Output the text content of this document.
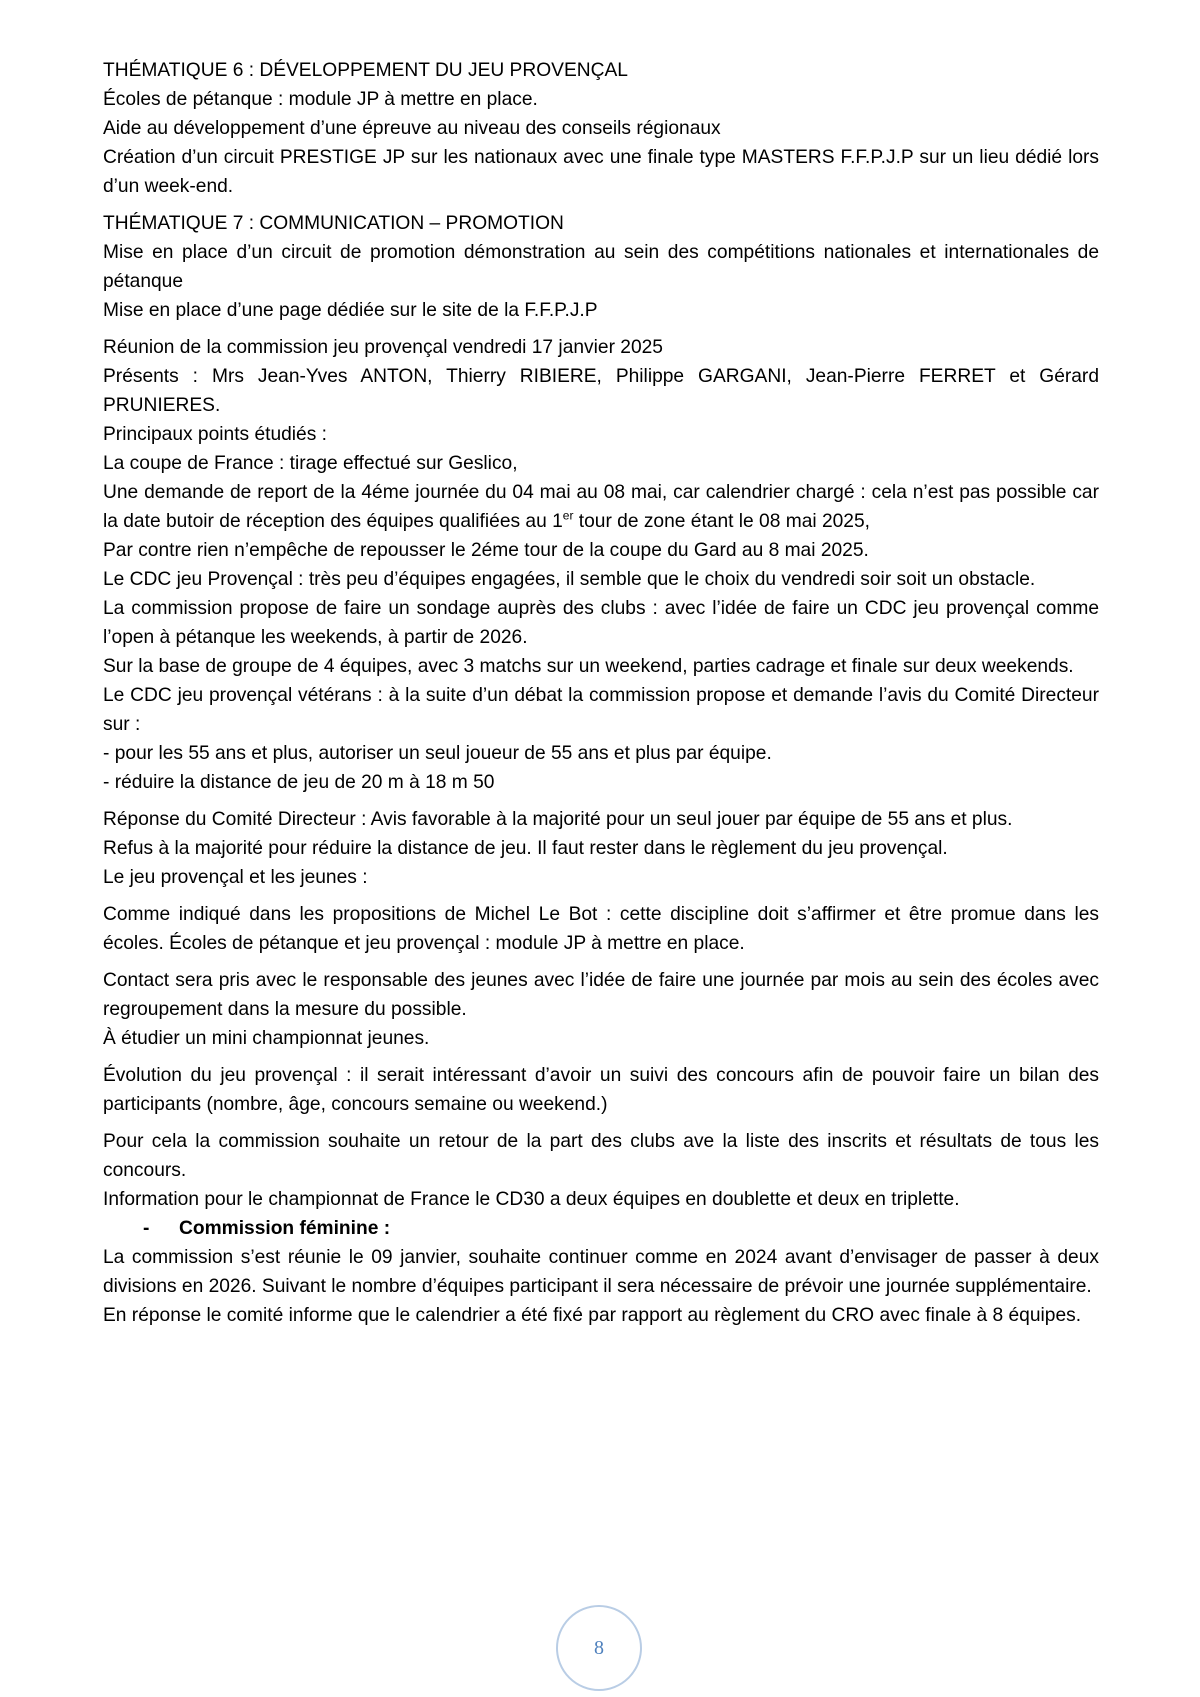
THÉMATIQUE 6 : DÉVELOPPEMENT DU JEU PROVENÇAL

Écoles de pétanque : module JP à mettre en place.

Aide au développement d’une épreuve au niveau des conseils régionaux

Création d’un circuit PRESTIGE JP sur les nationaux avec une finale type MASTERS F.F.P.J.P sur un lieu dédié lors d’un week-end.

THÉMATIQUE 7 : COMMUNICATION – PROMOTION

Mise en place d’un circuit de promotion démonstration au sein des compétitions nationales et internationales de pétanque

Mise en place d’une page dédiée sur le site de la F.F.P.J.P

Réunion de la commission jeu provençal vendredi 17 janvier 2025

Présents : Mrs Jean-Yves ANTON, Thierry RIBIERE, Philippe GARGANI, Jean-Pierre FERRET et Gérard PRUNIERES.

Principaux points étudiés :

La coupe de France : tirage effectué sur Geslico,

Une demande de report de la 4éme journée du 04 mai au 08 mai, car calendrier chargé : cela n’est pas possible car la date butoir de réception des équipes qualifiées au 1er tour de zone étant le 08 mai 2025,

Par contre rien n’empêche de repousser le 2éme tour de la coupe du Gard au 8 mai 2025.

Le CDC jeu Provençal : très peu d’équipes engagées, il semble que le choix du vendredi soir soit un obstacle.

La commission propose de faire un sondage auprès des clubs : avec l’idée de faire un CDC jeu provençal comme l’open à pétanque les weekends, à partir de 2026.

Sur la base de groupe de 4 équipes, avec 3 matchs sur un weekend, parties cadrage et finale sur deux weekends.

Le CDC jeu provençal vétérans : à la suite d’un débat la commission propose et demande l’avis du Comité Directeur sur :

- pour les 55 ans et plus, autoriser un seul joueur de 55 ans et plus par équipe.

- réduire la distance de jeu de 20 m à 18 m 50

Réponse du Comité Directeur : Avis favorable à la majorité pour un seul jouer par équipe de 55 ans et plus.

Refus à la majorité pour réduire la distance de jeu. Il faut rester dans le règlement du jeu provençal.

Le jeu provençal et les jeunes :

Comme indiqué dans les propositions de Michel Le Bot : cette discipline doit s’affirmer et être promue dans les écoles. Écoles de pétanque et jeu provençal : module JP à mettre en place.

Contact sera pris avec le responsable des jeunes avec l’idée de faire une journée par mois au sein des écoles avec regroupement dans la mesure du possible.

À étudier un mini championnat jeunes.

Évolution du jeu provençal : il serait intéressant d’avoir un suivi des concours afin de pouvoir faire un bilan des participants (nombre, âge, concours semaine ou weekend.)

Pour cela la commission souhaite un retour de la part des clubs ave la liste des inscrits et résultats de tous les concours.

Information pour le championnat de France le CD30 a deux équipes en doublette et deux en triplette.

- Commission féminine :

La commission s’est réunie le 09 janvier, souhaite continuer comme en 2024 avant d’envisager de passer à deux divisions en 2026. Suivant le nombre d’équipes participant il sera nécessaire de prévoir une journée supplémentaire.

En réponse le comité informe que le calendrier a été fixé par rapport au règlement du CRO avec finale à 8 équipes.

8
